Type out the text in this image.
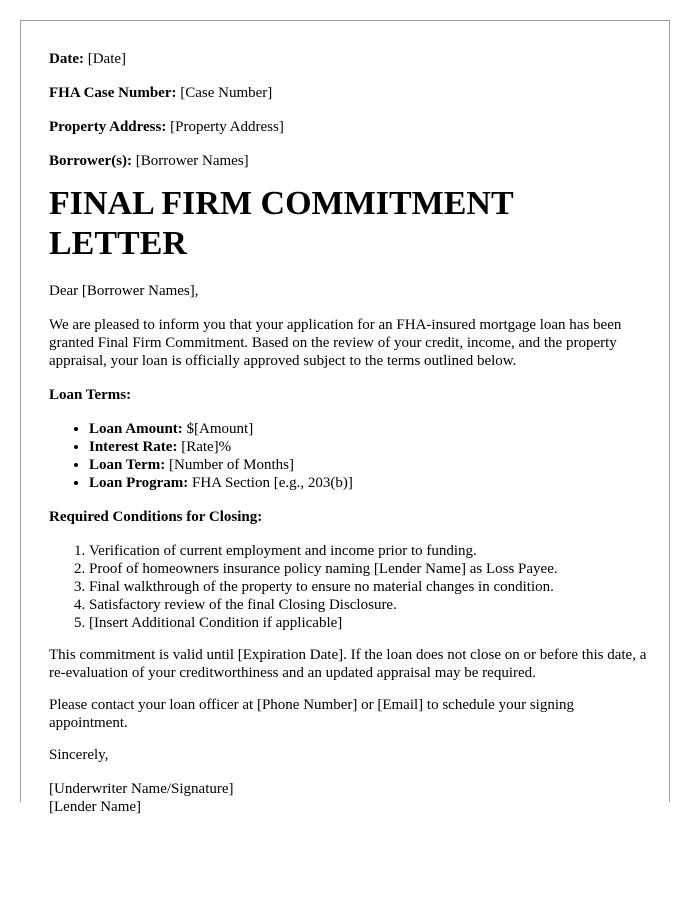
Date: [Date]

FHA Case Number: [Case Number]

Property Address: [Property Address]

Borrower(s): [Borrower Names]

FINAL FIRM COMMITMENT LETTER

Dear [Borrower Names],

We are pleased to inform you that your application for an FHA-insured mortgage loan has been granted Final Firm Commitment. Based on the review of your credit, income, and the property appraisal, your loan is officially approved subject to the terms outlined below.

Loan Terms:

• Loan Amount: $[Amount]
• Interest Rate: [Rate]%
• Loan Term: [Number of Months]
• Loan Program: FHA Section [e.g., 203(b)]

Required Conditions for Closing:

1. Verification of current employment and income prior to funding.
2. Proof of homeowners insurance policy naming [Lender Name] as Loss Payee.
3. Final walkthrough of the property to ensure no material changes in condition.
4. Satisfactory review of the final Closing Disclosure.
5. [Insert Additional Condition if applicable]

This commitment is valid until [Expiration Date]. If the loan does not close on or before this date, a re-evaluation of your creditworthiness and an updated appraisal may be required.

Please contact your loan officer at [Phone Number] or [Email] to schedule your signing appointment.

Sincerely,

[Underwriter Name/Signature]

[Lender Name]
